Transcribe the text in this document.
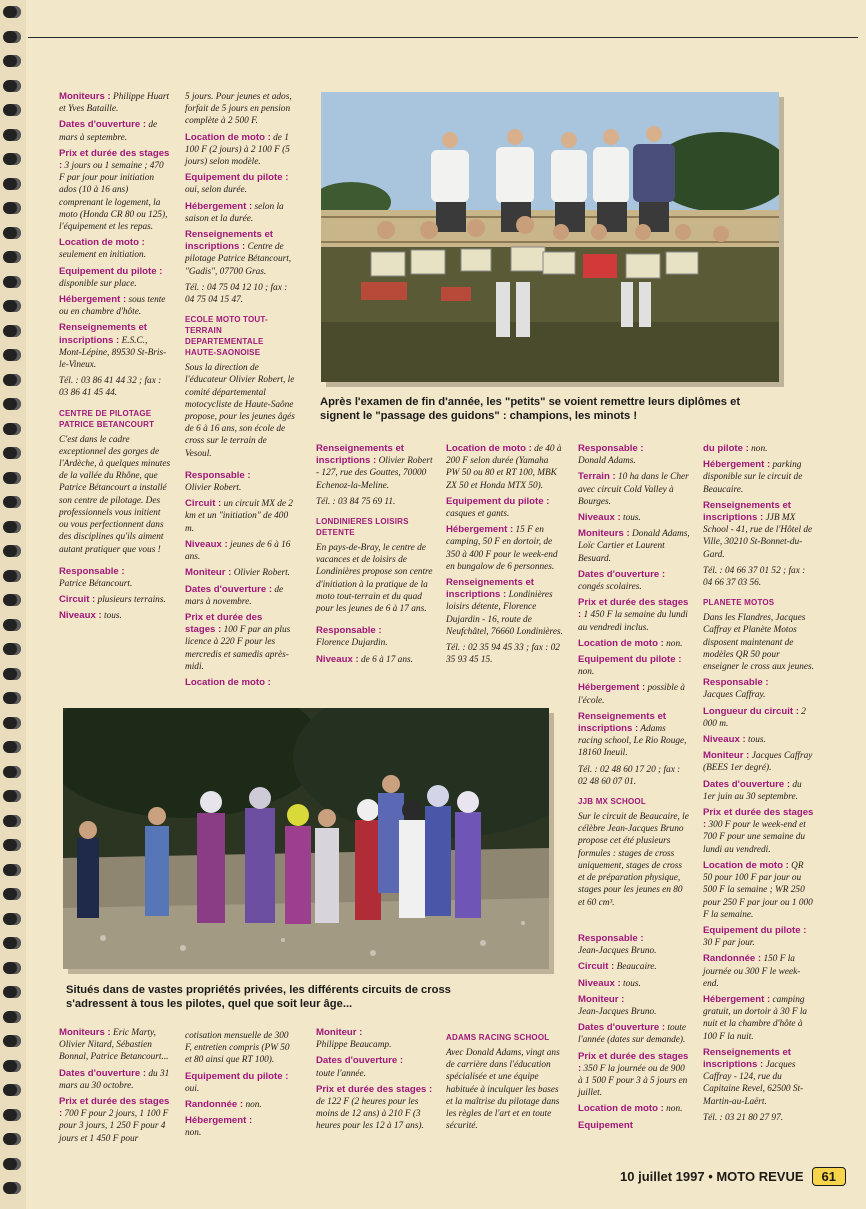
Moniteurs : Philippe Huart et Yves Bataille.

Dates d'ouverture : de mars à septembre.

Prix et durée des stages : 3 jours ou 1 semaine ; 470 F par jour pour initiation ados (10 à 16 ans) comprenant le logement, la moto (Honda CR 80 ou 125), l'équipement et les repas.

Location de moto : seulement en initiation.

Equipement du pilote : disponible sur place.

Hébergement : sous tente ou en chambre d'hôte.

Renseignements et inscriptions : E.S.C., Mont-Lépine, 89530 St-Bris-le-Vineux.

Tél. : 03 86 41 44 32 ; fax : 03 86 41 45 44.

CENTRE DE PILOTAGE PATRICE BETANCOURT

C'est dans le cadre exceptionnel des gorges de l'Ardèche, à quelques minutes de la vallée du Rhône, que Patrice Bétancourt a installé son centre de pilotage. Des professionnels vous initient ou vous perfectionnent dans des disciplines qu'ils aiment autant pratiquer que vous !

Responsable :
Patrice Bétancourt.

Circuit : plusieurs terrains.

Niveaux : tous.

5 jours. Pour jeunes et ados, forfait de 5 jours en pension complète à 2 500 F.

Location de moto : de 1 100 F (2 jours) à 2 100 F (5 jours) selon modèle.

Equipement du pilote : oui, selon durée.

Hébergement : selon la saison et la durée.

Renseignements et inscriptions : Centre de pilotage Patrice Bétancourt, "Gadis", 07700 Gras.

Tél. : 04 75 04 12 10 ; fax : 04 75 04 15 47.

ECOLE MOTO TOUT-TERRAIN DEPARTEMENTALE HAUTE-SAONOISE

Sous la direction de l'éducateur Olivier Robert, le comité départemental motocycliste de Haute-Saône propose, pour les jeunes âgés de 6 à 16 ans, son école de cross sur le terrain de Vesoul.

Responsable :
Olivier Robert.

Circuit : un circuit MX de 2 km et un "initiation" de 400 m.

Niveaux : jeunes de 6 à 16 ans.

Moniteur : Olivier Robert.

Dates d'ouverture : de mars à novembre.

Prix et durée des stages : 100 F par an plus licence à 220 F pour les mercredis et samedis après-midi.

Location de moto :

Après l'examen de fin d'année, les "petits" se voient remettre leurs diplômes et signent le "passage des guidons" : champions, les minots !

Renseignements et inscriptions : Olivier Robert - 127, rue des Gouttes, 70000 Echenoz-la-Meline.

Tél. : 03 84 75 69 11.

LONDINIERES LOISIRS DETENTE

En pays-de-Bray, le centre de vacances et de loisirs de Londinières propose son centre d'initiation à la pratique de la moto tout-terrain et du quad pour les jeunes de 6 à 17 ans.

Responsable :
Florence Dujardin.

Niveaux : de 6 à 17 ans.

Location de moto : de 40 à 200 F selon durée (Yamaha PW 50 ou 80 et RT 100, MBK ZX 50 et Honda MTX 50).

Equipement du pilote : casques et gants.

Hébergement : 15 F en camping, 50 F en dortoir, de 350 à 400 F pour le week-end en bungalow de 6 personnes.

Renseignements et inscriptions : Londinières loisirs détente, Florence Dujardin - 16, route de Neufchâtel, 76660 Londinières.

Tél. : 02 35 94 45 33 ; fax : 02 35 93 45 15.

Responsable :
Donald Adams.

Terrain : 10 ha dans le Cher avec circuit Cold Valley à Bourges.

Niveaux : tous.

Moniteurs : Donald Adams, Loïc Cartier et Laurent Besuard.

Dates d'ouverture : congés scolaires.

Prix et durée des stages : 1 450 F la semaine du lundi au vendredi inclus.

Location de moto : non.

Equipement du pilote : non.

Hébergement : possible à l'école.

Renseignements et inscriptions : Adams racing school, Le Rio Rouge, 18160 Ineuil.

Tél. : 02 48 60 17 20 ; fax : 02 48 60 07 01.

JJB MX SCHOOL

Sur le circuit de Beaucaire, le célèbre Jean-Jacques Bruno propose cet été plusieurs formules : stages de cross uniquement, stages de cross et de préparation physique, stages pour les jeunes en 80 et 60 cm³.

Responsable :
Jean-Jacques Bruno.

Circuit : Beaucaire.

Niveaux : tous.

Moniteur :
Jean-Jacques Bruno.

Dates d'ouverture : toute l'année (dates sur demande).

Prix et durée des stages : 350 F la journée ou de 900 à 1 500 F pour 3 à 5 jours en juillet.

Location de moto : non.

Equipement

du pilote : non.

Hébergement : parking disponible sur le circuit de Beaucaire.

Renseignements et inscriptions : JJB MX School - 41, rue de l'Hôtel de Ville, 30210 St-Bonnet-du-Gard.

Tél. : 04 66 37 01 52 ; fax : 04 66 37 03 56.

PLANETE MOTOS

Dans les Flandres, Jacques Caffray et Planète Motos disposent maintenant de modèles QR 50 pour enseigner le cross aux jeunes.

Responsable :
Jacques Caffray.

Longueur du circuit : 2 000 m.

Niveaux : tous.

Moniteur : Jacques Caffray (BEES 1er degré).

Dates d'ouverture : du 1er juin au 30 septembre.

Prix et durée des stages : 300 F pour le week-end et 700 F pour une semaine du lundi au vendredi.

Location de moto : QR 50 pour 100 F par jour ou 500 F la semaine ; WR 250 pour 250 F par jour ou 1 000 F la semaine.

Equipement du pilote : 30 F par jour.

Randonnée : 150 F la journée ou 300 F le week-end.

Hébergement : camping gratuit, un dortoir à 30 F la nuit et la chambre d'hôte à 100 F la nuit.

Renseignements et inscriptions : Jacques Caffray - 124, rue du Capitaine Revel, 62500 St-Martin-au-Laërt.

Tél. : 03 21 80 27 97.

Situés dans de vastes propriétés privées, les différents circuits de cross s'adressent à tous les pilotes, quel que soit leur âge...

Moniteurs : Eric Marty, Olivier Nitard, Sébastien Bonnal, Patrice Betancourt...

Dates d'ouverture : du 31 mars au 30 octobre.

Prix et durée des stages : 700 F pour 2 jours, 1 100 F pour 3 jours, 1 250 F pour 4 jours et 1 450 F pour

cotisation mensuelle de 300 F, entretien compris (PW 50 et 80 ainsi que RT 100).

Equipement du pilote :
oui.

Randonnée : non.

Hébergement :
non.

Moniteur :
Philippe Beaucamp.

Dates d'ouverture :
toute l'année.

Prix et durée des stages : de 122 F (2 heures pour les moins de 12 ans) à 210 F (3 heures pour les 12 à 17 ans).

ADAMS RACING SCHOOL

Avec Donald Adams, vingt ans de carrière dans l'éducation spécialisée et une équipe habituée à inculquer les bases et la maîtrise du pilotage dans les règles de l'art et en toute sécurité.

10 juillet 1997 • MOTO REVUE	61
